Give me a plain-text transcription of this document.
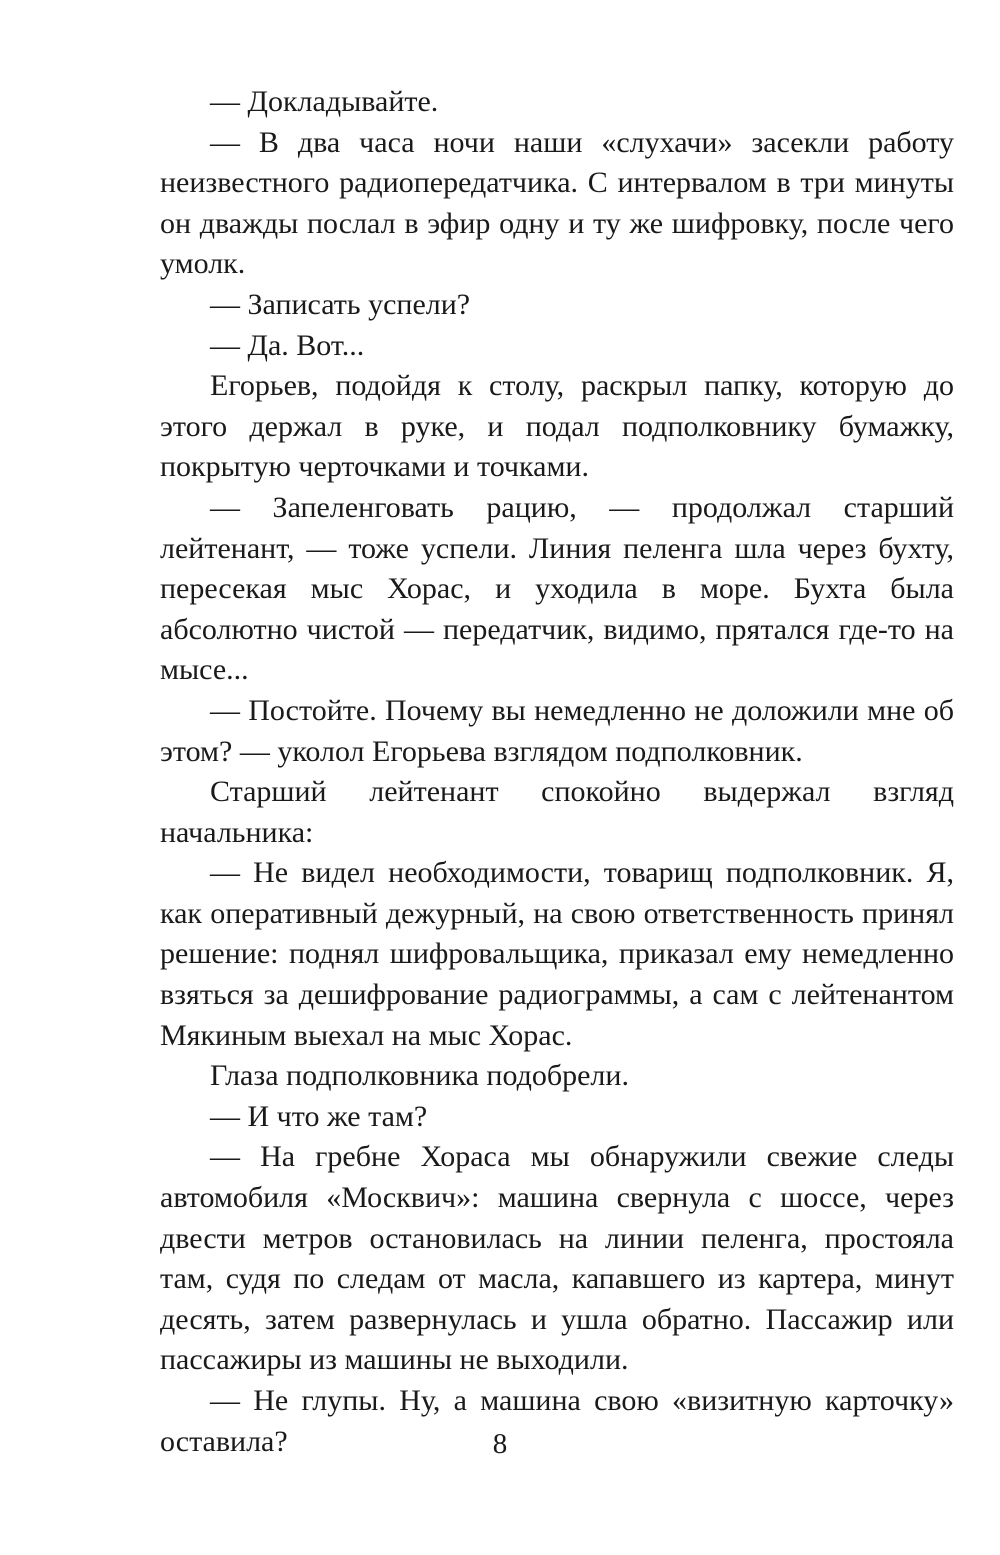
— Докладывайте.

— В два часа ночи наши «слухачи» засекли работу неизвестного радиопередатчика. С интервалом в три минуты он дважды послал в эфир одну и ту же шифровку, после чего умолк.

— Записать успели?

— Да. Вот...

Егорьев, подойдя к столу, раскрыл папку, которую до этого держал в руке, и подал подполковнику бумажку, покрытую черточками и точками.

— Запеленговать рацию, — продолжал старший лейтенант, — тоже успели. Линия пеленга шла через бухту, пересекая мыс Хорас, и уходила в море. Бухта была абсолютно чистой — передатчик, видимо, прятался где-то на мысе...

— Постойте. Почему вы немедленно не доложили мне об этом? — уколол Егорьева взглядом подполковник.

Старший лейтенант спокойно выдержал взгляд начальника:

— Не видел необходимости, товарищ подполковник. Я, как оперативный дежурный, на свою ответственность принял решение: поднял шифровальщика, приказал ему немедленно взяться за дешифрование радиограммы, а сам с лейтенантом Мякиным выехал на мыс Хорас.

Глаза подполковника подобрели.

— И что же там?

— На гребне Хораса мы обнаружили свежие следы автомобиля «Москвич»: машина свернула с шоссе, через двести метров остановилась на линии пеленга, простояла там, судя по следам от масла, капавшего из картера, минут десять, затем развернулась и ушла обратно. Пассажир или пассажиры из машины не выходили.

— Не глупы. Ну, а машина свою «визитную карточку» оставила?	8
